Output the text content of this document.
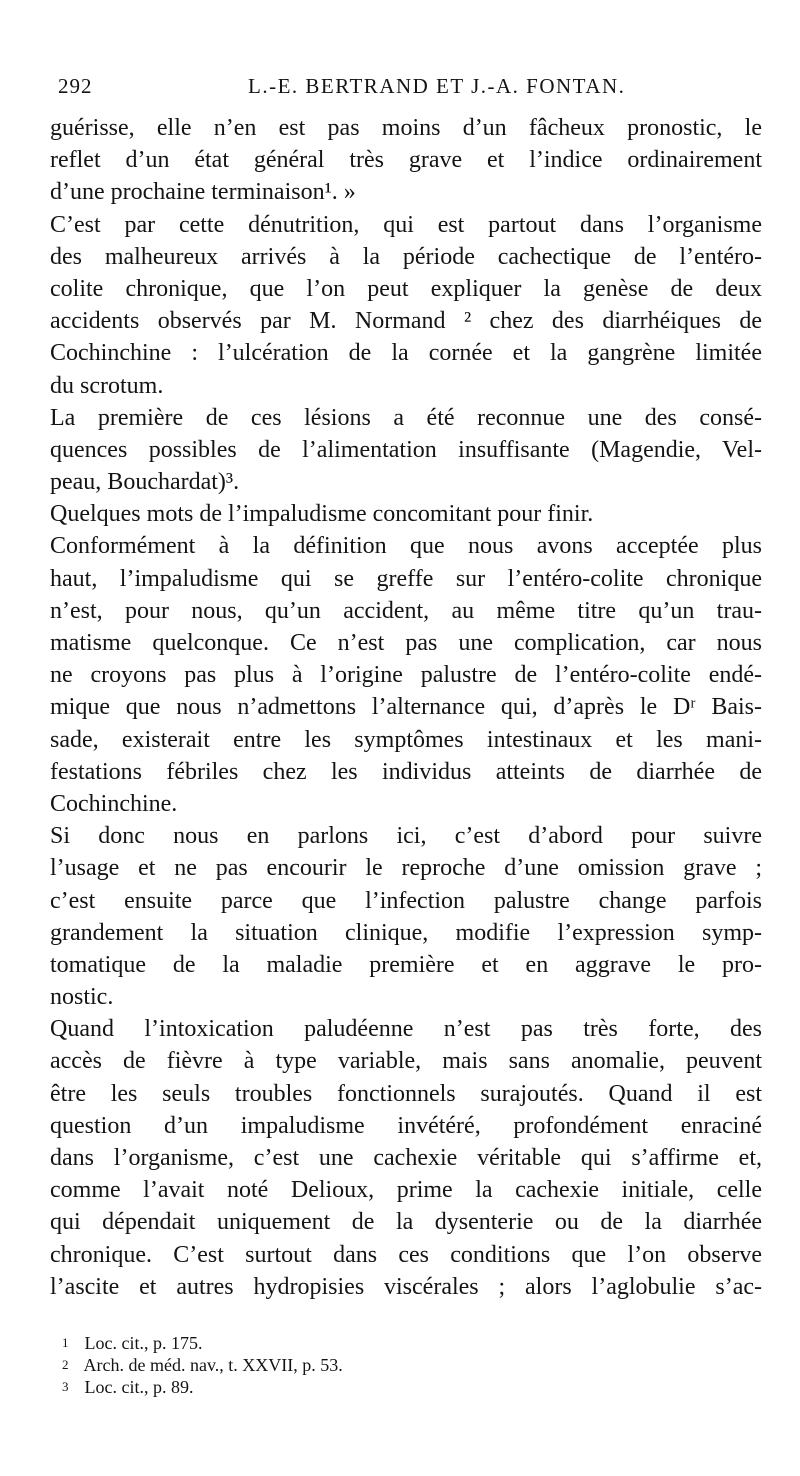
292	L.-E. BERTRAND ET J.-A. FONTAN.
guérisse, elle n’en est pas moins d’un fâcheux pronostic, le
reflet d’un état général très grave et l’indice ordinairement
d’une prochaine terminaison¹. »
C’est par cette dénutrition, qui est partout dans l’organisme
des malheureux arrivés à la période cachectique de l’entéro-
colite chronique, que l’on peut expliquer la genèse de deux
accidents observés par M. Normand ² chez des diarrhéiques de
Cochinchine : l’ulcération de la cornée et la gangrène limitée
du scrotum.
La première de ces lésions a été reconnue une des consé-
quences possibles de l’alimentation insuffisante (Magendie, Vel-
peau, Bouchardat)³.
Quelques mots de l’impaludisme concomitant pour finir.
Conformément à la définition que nous avons acceptée plus
haut, l’impaludisme qui se greffe sur l’entéro-colite chronique
n’est, pour nous, qu’un accident, au même titre qu’un trau-
matisme quelconque. Ce n’est pas une complication, car nous
ne croyons pas plus à l’origine palustre de l’entéro-colite endé-
mique que nous n’admettons l’alternance qui, d’après le Dʳ Bais-
sade, existerait entre les symptômes intestinaux et les mani-
festations fébriles chez les individus atteints de diarrhée de
Cochinchine.
Si donc nous en parlons ici, c’est d’abord pour suivre
l’usage et ne pas encourir le reproche d’une omission grave ;
c’est ensuite parce que l’infection palustre change parfois
grandement la situation clinique, modifie l’expression symp-
tomatique de la maladie première et en aggrave le pro-
nostic.
Quand l’intoxication paludéenne n’est pas très forte, des
accès de fièvre à type variable, mais sans anomalie, peuvent
être les seuls troubles fonctionnels surajoutés. Quand il est
question d’un impaludisme invétéré, profondément enraciné
dans l’organisme, c’est une cachexie véritable qui s’affirme et,
comme l’avait noté Delioux, prime la cachexie initiale, celle
qui dépendait uniquement de la dysenterie ou de la diarrhée
chronique. C’est surtout dans ces conditions que l’on observe
l’ascite et autres hydropisies viscérales ; alors l’aglobulie s’ac-
1 Loc. cit., p. 175.
2 Arch. de méd. nav., t. XXVII, p. 53.
3 Loc. cit., p. 89.
